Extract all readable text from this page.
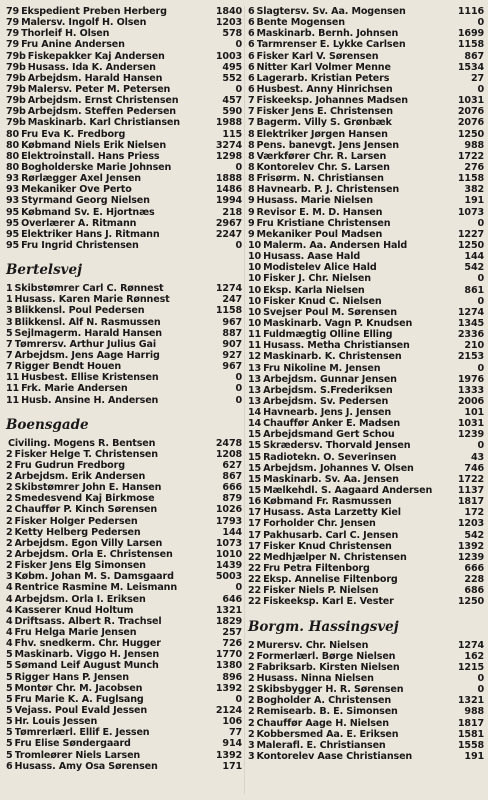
79 Ekspedient Preben Herberg	1840
79 Malersv. Ingolf H. Olsen	1203
79 Thorleif H. Olsen	578
79 Fru Anine Andersen	0
79b Fiskepakker Kaj Andersen	1003
79b Husass. Ida K. Andersen	495
79b Arbejdsm. Harald Hansen	552
79b Malersv. Peter M. Petersen	0
79b Arbejdsm. Ernst Christensen	457
79b Arbejdsm. Steffen Pedersen	590
79b Maskinarb. Karl Christiansen	1988
80 Fru Eva K. Fredborg	115
80 Købmand Niels Erik Nielsen	3274
80 Elektroinstall. Hans Priess	1298
80 Bogholderske Marie Johnsen	0
93 Rørlægger Axel Jensen	1888
93 Mekaniker Ove Perto	1486
93 Styrmand Georg Nielsen	1994
95 Købmand Sv. E. Hjortnæs	218
95 Overlærer A. Ritmann	2967
95 Elektriker Hans J. Ritmann	2247
95 Fru Ingrid Christensen	0
Bertelsvej
1 Skibstømrer Carl C. Rønnest	1274
1 Husass. Karen Marie Rønnest	247
3 Blikkensl. Poul Pedersen	1158
3 Blikkensl. Alf N. Rasmussen	967
5 Sejlmagerm. Harald Hansen	887
7 Tømrersv. Arthur Julius Gai	907
7 Arbejdsm. Jens Aage Harrig	927
7 Rigger Bendt Houen	967
11 Husbest. Ellise Kristensen	0
11 Frk. Marie Andersen	0
11 Husb. Ansine H. Andersen	0
Boensgade
Civiling. Mogens R. Bentsen	2478
2 Fisker Helge T. Christensen	1208
2 Fru Gudrun Fredborg	627
2 Arbejdsm. Erik Andersen	867
2 Skibstømrer John E. Hansen	666
2 Smedesvend Kaj Birkmose	879
2 Chauffør P. Kinch Sørensen	1026
2 Fisker Holger Pedersen	1793
2 Ketty Helberg Pedersen	144
2 Arbejdsm. Egon Villy Larsen	1073
2 Arbejdsm. Orla E. Christensen	1010
2 Fisker Jens Elg Simonsen	1439
3 Købm. Johan M. S. Damsgaard	5003
4 Rentrice Rasmine M. Leismann	0
4 Arbejdsm. Orla I. Eriksen	646
4 Kasserer Knud Holtum	1321
4 Driftsass. Albert R. Trachsel	1829
4 Fru Helga Marie Jensen	257
4 Fhv. snedkerm. Chr. Hugger	726
5 Maskinarb. Viggo H. Jensen	1770
5 Sømand Leif August Munch	1380
5 Rigger Hans P. Jensen	896
5 Montør Chr. M. Jacobsen	1392
5 Fru Marie K. A. Fuglsang	0
5 Vejass. Poul Evald Jessen	2124
5 Hr. Louis Jessen	106
5 Tømrerlærl. Ellif E. Jessen	77
5 Fru Elise Søndergaard	914
5 Tromleører Niels Larsen	1392
6 Husass. Amy Osa Sørensen	171
6 Slagtersv. Sv. Aa. Mogensen	1116
6 Bente Mogensen	0
6 Maskinarb. Bernh. Johnsen	1699
6 Tarmrenser E. Lykke Carlsen	1158
6 Fisker Karl V. Sørensen	867
6 Nitter Karl Volmer Menne	1534
6 Lagerarb. Kristian Peters	27
6 Husbest. Anny Hinrichsen	0
7 Fiskeeksp. Johannes Madsen	1031
7 Fisker Jens E. Christensen	2076
7 Bagerm. Villy S. Grønbæk	2076
8 Elektriker Jørgen Hansen	1250
8 Pens. banevgt. Jens Jensen	988
8 Værkfører Chr. R. Larsen	1722
8 Kontorelev Chr. S. Larsen	276
8 Frisørm. N. Christiansen	1158
8 Havnearb. P. J. Christensen	382
9 Husass. Marie Nielsen	191
9 Revisor E. M. D. Hansen	1073
9 Fru Kristiane Christensen	0
9 Mekaniker Poul Madsen	1227
10 Malerm. Aa. Andersen Hald	1250
10 Husass. Aase Hald	144
10 Modistelev Alice Hald	542
10 Fisker J. Chr. Nielsen	0
10 Eksp. Karla Nielsen	861
10 Fisker Knud C. Nielsen	0
10 Svejser Poul M. Sørensen	1274
10 Maskinarb. Vagn P. Knudsen	1345
11 Fuldmægtig Olline Elling	2336
11 Husass. Metha Christiansen	210
12 Maskinarb. K. Christensen	2153
13 Fru Nikoline M. Jensen	0
13 Arbejdsm. Gunnar Jensen	1976
13 Arbejdsm. S.Frederiksen	1333
13 Arbejdsm. Sv. Pedersen	2006
14 Havnearb. Jens J. Jensen	101
14 Chauffør Anker E. Madsen	1031
15 Arbejdsmand Gert Schou	1239
15 Skrædersv. Thorvald Jensen	0
15 Radiotekn. O. Severinsen	43
15 Arbejdsm. Johannes V. Olsen	746
15 Maskinarb. Sv. Aa. Jensen	1722
15 Mælkehdl. S. Aagaard Andersen	1137
16 Købmand Fr. Rasmussen	1817
17 Husass. Asta Larzetty Kiel	172
17 Forholder Chr. Jensen	1203
17 Pakhusarb. Carl C. Jensen	542
17 Fisker Knud Christensen	1392
22 Medhjælper N. Christensen	1239
22 Fru Petra Filtenborg	666
22 Eksp. Annelise Filtenborg	228
22 Fisker Niels P. Nielsen	686
22 Fiskeeksp. Karl E. Vester	1250
Borgm. Hassingsvej
2 Murersv. Chr. Nielsen	1274
2 Formerlærl. Børge Nielsen	162
2 Fabriksarb. Kirsten Nielsen	1215
2 Husass. Ninna Nielsen	0
2 Skibsbygger H. R. Sørensen	0
2 Bogholder A. Christensen	1321
2 Remisearb. B. E. Simonsen	988
2 Chauffør Aage H. Nielsen	1817
2 Kobbersmed Aa. E. Eriksen	1581
3 Malerafl. E. Christiansen	1558
3 Kontorelev Aase Christiansen	191
